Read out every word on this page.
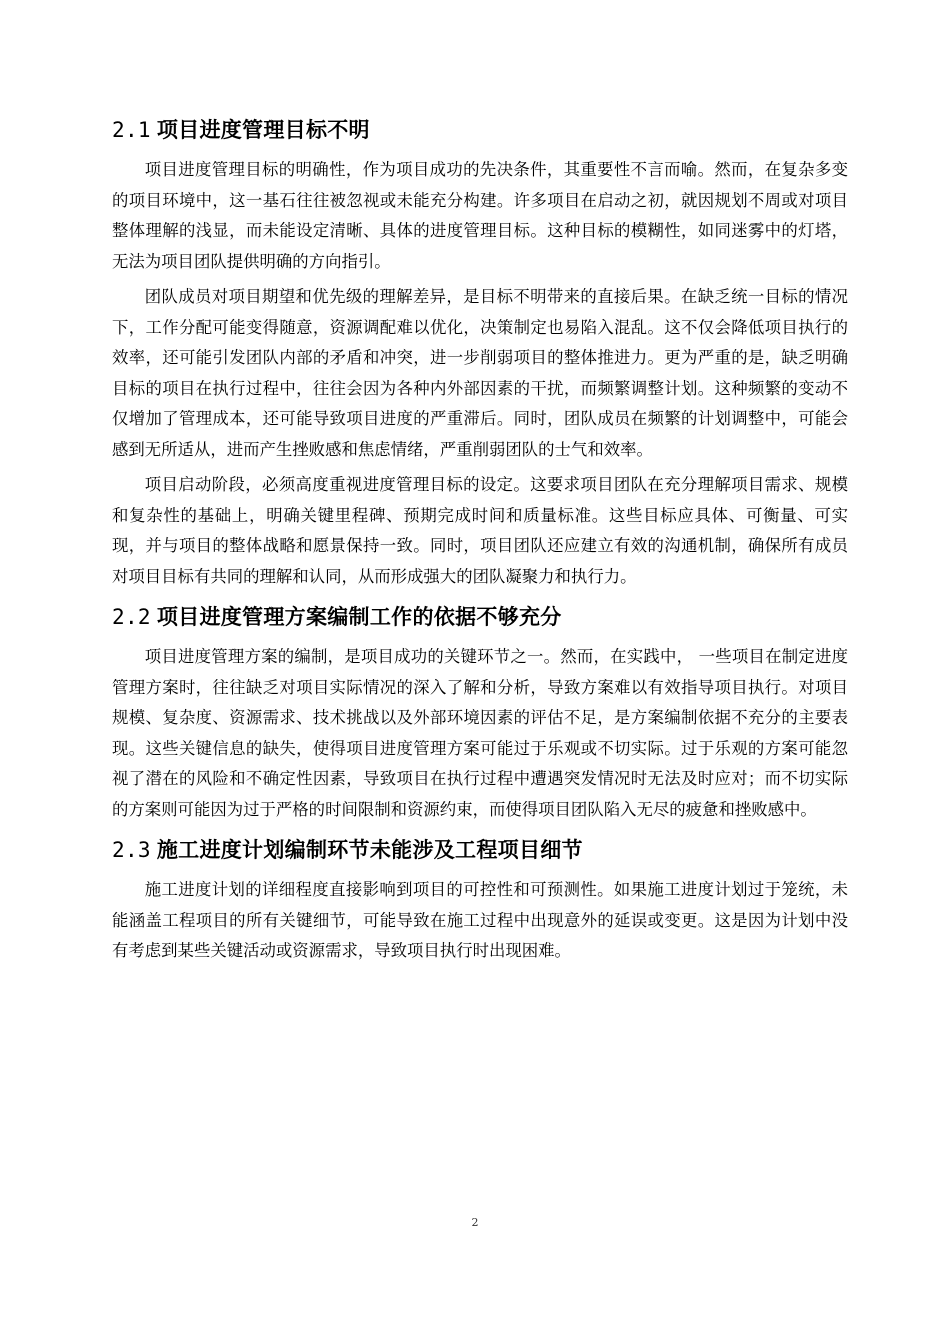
2.1 项目进度管理目标不明

项目进度管理目标的明确性，作为项目成功的先决条件，其重要性不言而喻。然而，在复杂多变的项目环境中，这一基石往往被忽视或未能充分构建。许多项目在启动之初，就因规划不周或对项目整体理解的浅显，而未能设定清晰、具体的进度管理目标。这种目标的模糊性，如同迷雾中的灯塔，无法为项目团队提供明确的方向指引。

团队成员对项目期望和优先级的理解差异，是目标不明带来的直接后果。在缺乏统一目标的情况下，工作分配可能变得随意，资源调配难以优化，决策制定也易陷入混乱。这不仅会降低项目执行的效率，还可能引发团队内部的矛盾和冲突，进一步削弱项目的整体推进力。更为严重的是，缺乏明确目标的项目在执行过程中，往往会因为各种内外部因素的干扰，而频繁调整计划。这种频繁的变动不仅增加了管理成本，还可能导致项目进度的严重滞后。同时，团队成员在频繁的计划调整中，可能会感到无所适从，进而产生挫败感和焦虑情绪，严重削弱团队的士气和效率。

项目启动阶段，必须高度重视进度管理目标的设定。这要求项目团队在充分理解项目需求、规模和复杂性的基础上，明确关键里程碑、预期完成时间和质量标准。这些目标应具体、可衡量、可实现，并与项目的整体战略和愿景保持一致。同时，项目团队还应建立有效的沟通机制，确保所有成员对项目目标有共同的理解和认同，从而形成强大的团队凝聚力和执行力。

2.2 项目进度管理方案编制工作的依据不够充分

项目进度管理方案的编制，是项目成功的关键环节之一。然而，在实践中， 一些项目在制定进度管理方案时，往往缺乏对项目实际情况的深入了解和分析，导致方案难以有效指导项目执行。对项目规模、复杂度、资源需求、技术挑战以及外部环境因素的评估不足，是方案编制依据不充分的主要表现。这些关键信息的缺失，使得项目进度管理方案可能过于乐观或不切实际。过于乐观的方案可能忽视了潜在的风险和不确定性因素，导致项目在执行过程中遭遇突发情况时无法及时应对；而不切实际的方案则可能因为过于严格的时间限制和资源约束，而使得项目团队陷入无尽的疲惫和挫败感中。

2.3 施工进度计划编制环节未能涉及工程项目细节

施工进度计划的详细程度直接影响到项目的可控性和可预测性。如果施工进度计划过于笼统，未能涵盖工程项目的所有关键细节，可能导致在施工过程中出现意外的延误或变更。这是因为计划中没有考虑到某些关键活动或资源需求，导致项目执行时出现困难。

2
